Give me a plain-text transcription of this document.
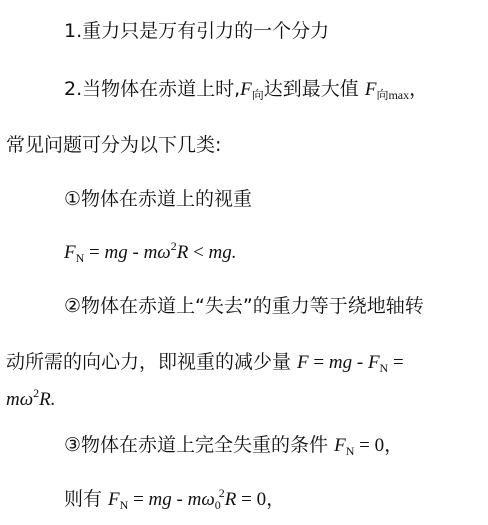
1.重力只是万有引力的一个分力
2.当物体在赤道上时$,F_向$达到最大值 $F_{向max}$，
常见问题可分为以下几类:
①物体在赤道上的视重
$F_N$ = mg - $m\omega^2R$ < mg.
②物体在赤道上“失去”的重力等于绕地轴转
动所需的向心力，即视重的减少量 F = mg - $F_N$ =
$m\omega^2R$.
③物体在赤道上完全失重的条件 $F_N = 0$，
则有 $F_N$ = mg - $m\omega_0^2R = 0$，
